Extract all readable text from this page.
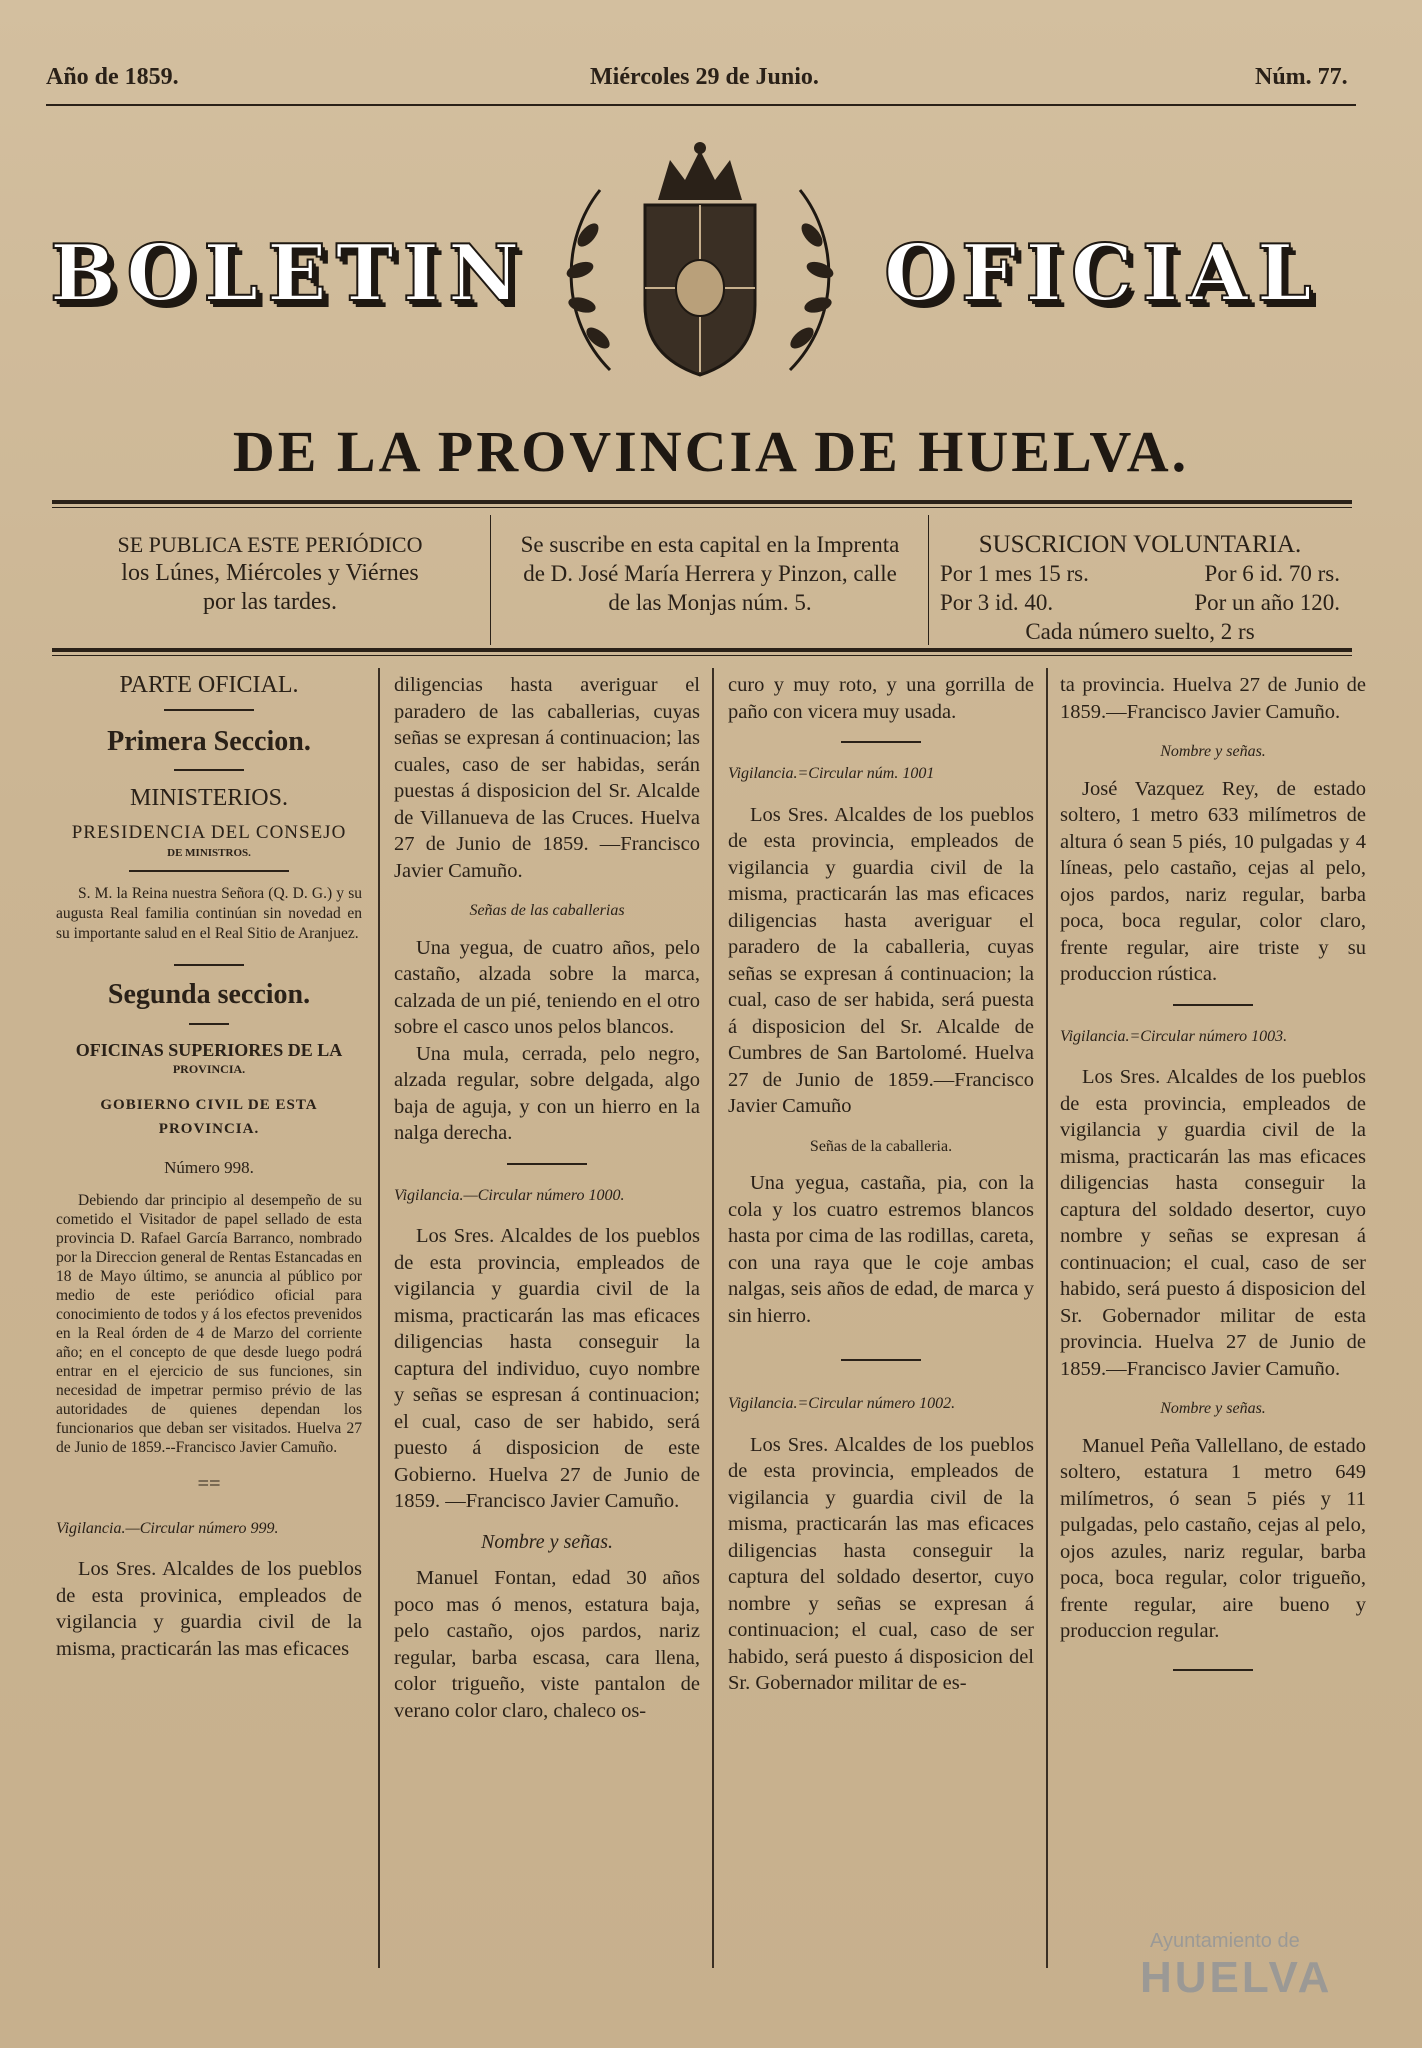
Año de 1859.	Miércoles 29 de Junio.	Núm. 77.
BOLETIN	OFICIAL
DE LA PROVINCIA DE HUELVA.
SE PUBLICA ESTE PERIÓDICO
los Lúnes, Miércoles y Viérnes
por las tardes.
Se suscribe en esta capital en la Imprenta
de D. José María Herrera y Pinzon, calle
de las Monjas núm. 5.
SUSCRICION VOLUNTARIA.
Por 1 mes 15 rs.	Por 6 id. 70 rs.
Por 3 id. 40.	Por un año 120.
Cada número suelto, 2 rs

PARTE OFICIAL.

Primera Seccion.

MINISTERIOS.

PRESIDENCIA DEL CONSEJO

DE MINISTROS.

S. M. la Reina nuestra Señora (Q. D. G.) y su augusta Real familia continúan sin novedad en su importante salud en el Real Sitio de Aranjuez.

Segunda seccion.

OFICINAS SUPERIORES DE LA

PROVINCIA.

GOBIERNO CIVIL DE ESTA PROVINCIA.

Número 998.

Debiendo dar principio al desempeño de su cometido el Visitador de papel sellado de esta provincia D. Rafael García Barranco, nombrado por la Direccion general de Rentas Estancadas en 18 de Mayo último, se anuncia al público por medio de este periódico oficial para conocimiento de todos y á los efectos prevenidos en la Real órden de 4 de Marzo del corriente año; en el concepto de que desde luego podrá entrar en el ejercicio de sus funciones, sin necesidad de impetrar permiso prévio de las autoridades de quienes dependan los funcionarios que deban ser visitados. Huelva 27 de Junio de 1859.--Francisco Javier Camuño.

==

Vigilancia.—Circular número 999.

Los Sres. Alcaldes de los pueblos de esta provinica, empleados de vigilancia y guardia civil de la misma, practicarán las mas eficaces

diligencias hasta averiguar el paradero de las caballerias, cuyas señas se expresan á continuacion; las cuales, caso de ser habidas, serán puestas á disposicion del Sr. Alcalde de Villanueva de las Cruces. Huelva 27 de Junio de 1859. —Francisco Javier Camuño.

Señas de las caballerias

Una yegua, de cuatro años, pelo castaño, alzada sobre la marca, calzada de un pié, teniendo en el otro sobre el casco unos pelos blancos.

Una mula, cerrada, pelo negro, alzada regular, sobre delgada, algo baja de aguja, y con un hierro en la nalga derecha.

Vigilancia.—Circular número 1000.

Los Sres. Alcaldes de los pueblos de esta provincia, empleados de vigilancia y guardia civil de la misma, practicarán las mas eficaces diligencias hasta conseguir la captura del individuo, cuyo nombre y señas se espresan á continuacion; el cual, caso de ser habido, será puesto á disposicion de este Gobierno. Huelva 27 de Junio de 1859. —Francisco Javier Camuño.

Nombre y señas.

Manuel Fontan, edad 30 años poco mas ó menos, estatura baja, pelo castaño, ojos pardos, nariz regular, barba escasa, cara llena, color trigueño, viste pantalon de verano color claro, chaleco os-

curo y muy roto, y una gorrilla de paño con vicera muy usada.

Vigilancia.=Circular núm. 1001

Los Sres. Alcaldes de los pueblos de esta provincia, empleados de vigilancia y guardia civil de la misma, practicarán las mas eficaces diligencias hasta averiguar el paradero de la caballeria, cuyas señas se expresan á continuacion; la cual, caso de ser habida, será puesta á disposicion del Sr. Alcalde de Cumbres de San Bartolomé. Huelva 27 de Junio de 1859.—Francisco Javier Camuño

Señas de la caballeria.

Una yegua, castaña, pia, con la cola y los cuatro estremos blancos hasta por cima de las rodillas, careta, con una raya que le coje ambas nalgas, seis años de edad, de marca y sin hierro.

Vigilancia.=Circular número 1002.

Los Sres. Alcaldes de los pueblos de esta provincia, empleados de vigilancia y guardia civil de la misma, practicarán las mas eficaces diligencias hasta conseguir la captura del soldado desertor, cuyo nombre y señas se expresan á continuacion; el cual, caso de ser habido, será puesto á disposicion del Sr. Gobernador militar de es-

ta provincia. Huelva 27 de Junio de 1859.—Francisco Javier Camuño.

Nombre y señas.

José Vazquez Rey, de estado soltero, 1 metro 633 milímetros de altura ó sean 5 piés, 10 pulgadas y 4 líneas, pelo castaño, cejas al pelo, ojos pardos, nariz regular, barba poca, boca regular, color claro, frente regular, aire triste y su produccion rústica.

Vigilancia.=Circular número 1003.

Los Sres. Alcaldes de los pueblos de esta provincia, empleados de vigilancia y guardia civil de la misma, practicarán las mas eficaces diligencias hasta conseguir la captura del soldado desertor, cuyo nombre y señas se expresan á continuacion; el cual, caso de ser habido, será puesto á disposicion del Sr. Gobernador militar de esta provincia. Huelva 27 de Junio de 1859.—Francisco Javier Camuño.

Nombre y señas.

Manuel Peña Vallellano, de estado soltero, estatura 1 metro 649 milímetros, ó sean 5 piés y 11 pulgadas, pelo castaño, cejas al pelo, ojos azules, nariz regular, barba poca, boca regular, color trigueño, frente regular, aire bueno y produccion regular.

Ayuntamiento de
HUELVA
